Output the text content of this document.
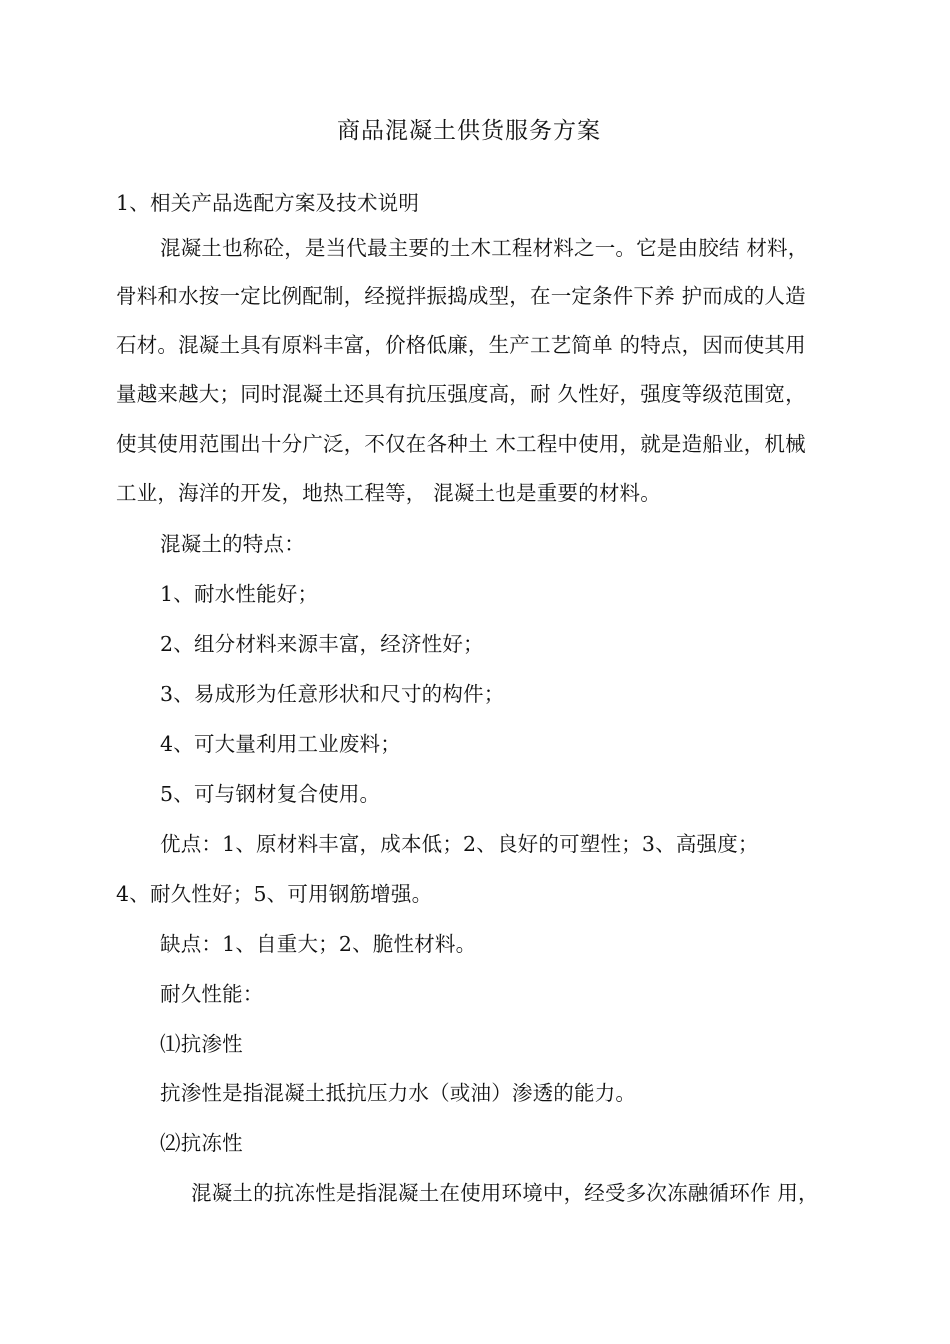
商品混凝土供货服务方案
1、相关产品选配方案及技术说明
混凝土也称砼，是当代最主要的土木工程材料之一。它是由胶结 材料，
骨料和水按一定比例配制，经搅拌振捣成型，在一定条件下养 护而成的人造
石材。混凝土具有原料丰富，价格低廉，生产工艺简单 的特点，因而使其用
量越来越大；同时混凝土还具有抗压强度高，耐 久性好，强度等级范围宽，
使其使用范围出十分广泛，不仅在各种土 木工程中使用，就是造船业，机械
工业，海洋的开发，地热工程等， 混凝土也是重要的材料。
混凝土的特点：
1、耐水性能好；
2、组分材料来源丰富，经济性好；
3、易成形为任意形状和尺寸的构件；
4、可大量利用工业废料；
5、可与钢材复合使用。
优点：1、原材料丰富，成本低；2、良好的可塑性；3、高强度；
4、耐久性好；5、可用钢筋增强。
缺点：1、自重大；2、脆性材料。
耐久性能：
⑴抗渗性
抗渗性是指混凝土抵抗压力水（或油）渗透的能力。
⑵抗冻性
混凝土的抗冻性是指混凝土在使用环境中，经受多次冻融循环作 用，
